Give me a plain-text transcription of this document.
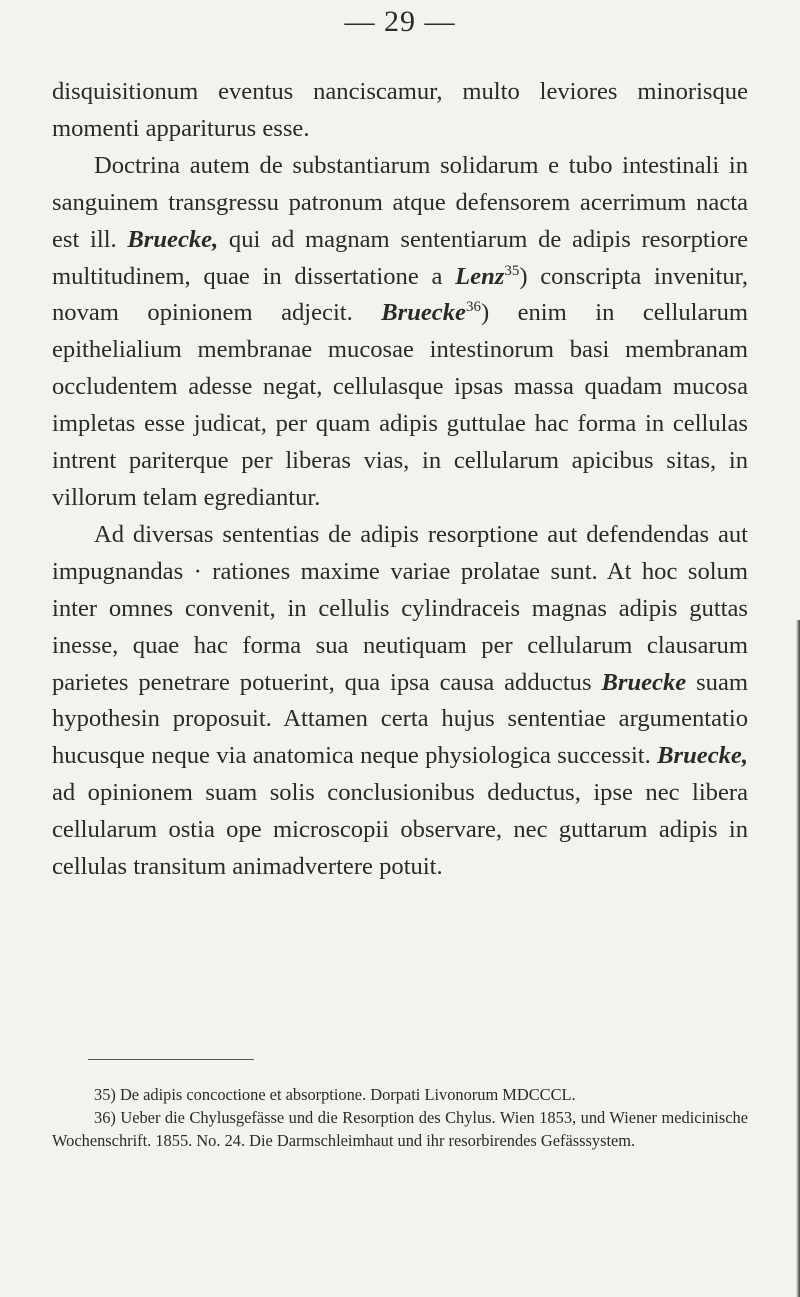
— 29 —

disquisitionum eventus nanciscamur, multo leviores minorisque momenti appariturus esse.

Doctrina autem de substantiarum solidarum e tubo intestinali in sanguinem transgressu patronum atque defensorem acerrimum nacta est ill. Bruecke, qui ad magnam sententiarum de adipis resorptiore multitudinem, quae in dissertatione a Lenz$^{35}$) conscripta invenitur, novam opinionem adjecit. Bruecke$^{36}$) enim in cellularum epithelialium membranae mucosae intestinorum basi membranam occludentem adesse negat, cellulasque ipsas massa quadam mucosa impletas esse judicat, per quam adipis guttulae hac forma in cellulas intrent pariterque per liberas vias, in cellularum apicibus sitas, in villorum telam egrediantur.

Ad diversas sententias de adipis resorptione aut defendendas aut impugnandas · rationes maxime variae prolatae sunt. At hoc solum inter omnes convenit, in cellulis cylindraceis magnas adipis guttas inesse, quae hac forma sua neutiquam per cellularum clausarum parietes penetrare potuerint, qua ipsa causa adductus Bruecke suam hypothesin proposuit. Attamen certa hujus sententiae argumentatio hucusque neque via anatomica neque physiologica successit. Bruecke, ad opinionem suam solis conclusionibus deductus, ipse nec libera cellularum ostia ope microscopii observare, nec guttarum adipis in cellulas transitum animadvertere potuit.

35) De adipis concoctione et absorptione. Dorpati Livonorum MDCCCL.

36) Ueber die Chylusgefässe und die Resorption des Chylus. Wien 1853, und Wiener medicinische Wochenschrift. 1855. No. 24. Die Darmschleimhaut und ihr resorbirendes Gefässsystem.
